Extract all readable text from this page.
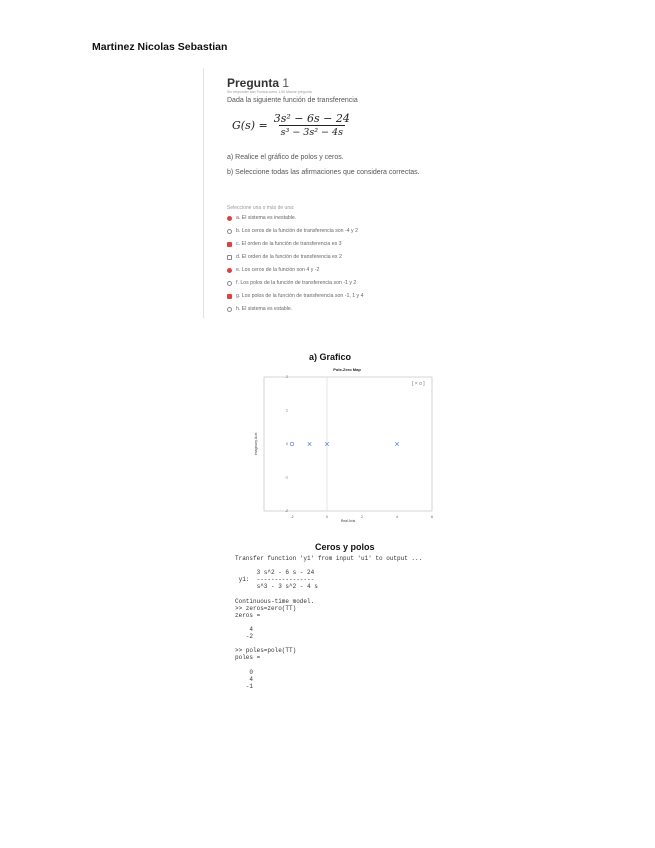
Martinez Nicolas Sebastian
Pregunta 1
Sin responder aún Puntúa como 1,00 Marcar pregunta
Dada la siguiente función de transferencia
$G(s) = \frac{\text{3s² − 6s − 24}}{\text{s³ − 3s² − 4s}}$
a) Realice el gráfico de polos y ceros.
b) Seleccione todas las afirmaciones que considera correctas.
Seleccione una o más de una:
a. El sistema es inestable.
b. Los ceros de la función de transferencia son -4 y 2
c. El orden de la función de transferencia es 3
d. El orden de la función de transferencia es 2
e. Los ceros de la función son 4 y -2
f. Los polos de la función de transferencia son -1 y 2
g. Los polos de la función de transferencia son -1, 1 y 4
h. El sistema es estable.
a) Grafico
Pole-Zero Map
[ × o ]
-2	0	2	4	6
-2
-1
0
1
2
Real Axis
Imaginary Axis
Ceros y polos
Transfer function 'y1' from input 'u1' to output ...

3 s^2 - 6 s - 24
y1:  ----------------
s^3 - 3 s^2 - 4 s

Continuous-time model.
>> zeros=zero(TT)
zeros =

4
-2

>> poles=pole(TT)
poles =

0
4
-1
